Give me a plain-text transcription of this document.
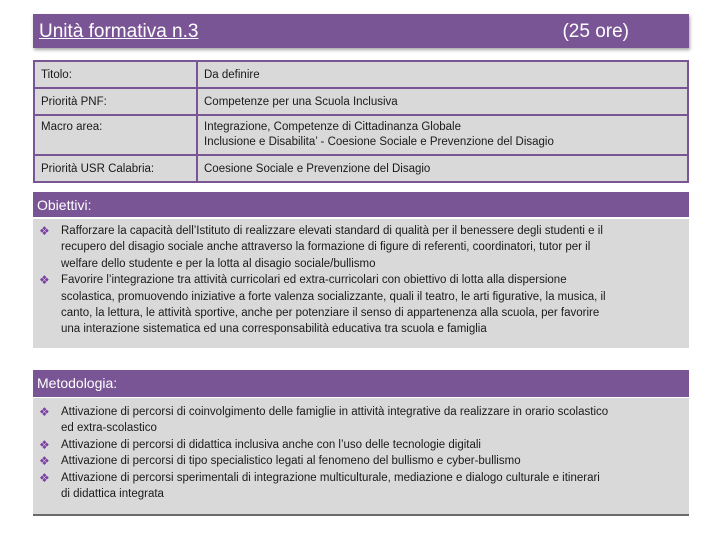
Unità formativa n.3	(25 ore)
Titolo:	Da definire

Priorità PNF:	Competenze per una Scuola Inclusiva

Macro area:	Integrazione, Competenze di Cittadinanza Globale
Inclusione e Disabilita’ - Coesione Sociale e Prevenzione del Disagio

Priorità USR Calabria:	Coesione Sociale e Prevenzione del Disagio
Obiettivi:
❖ Rafforzare la capacità dell’Istituto di realizzare elevati standard di qualità per il benessere degli studenti e il
recupero del disagio sociale anche attraverso la formazione di figure di referenti, coordinatori, tutor per il
welfare dello studente e per la lotta al disagio sociale/bullismo
❖ Favorire l’integrazione tra attività curricolari ed extra-curricolari con obiettivo di lotta alla dispersione
scolastica, promuovendo iniziative a forte valenza socializzante, quali il teatro, le arti figurative, la musica, il
canto, la lettura, le attività sportive, anche per potenziare il senso di appartenenza alla scuola, per favorire
una interazione sistematica ed una corresponsabilità educativa tra scuola e famiglia
Metodologia:
❖ Attivazione di percorsi di coinvolgimento delle famiglie in attività integrative da realizzare in orario scolastico
ed extra-scolastico
❖ Attivazione di percorsi di didattica inclusiva anche con l’uso delle tecnologie digitali
❖ Attivazione di percorsi di tipo specialistico legati al fenomeno del bullismo e cyber-bullismo
❖ Attivazione di percorsi sperimentali di integrazione multiculturale, mediazione e dialogo culturale e itinerari
di didattica integrata
